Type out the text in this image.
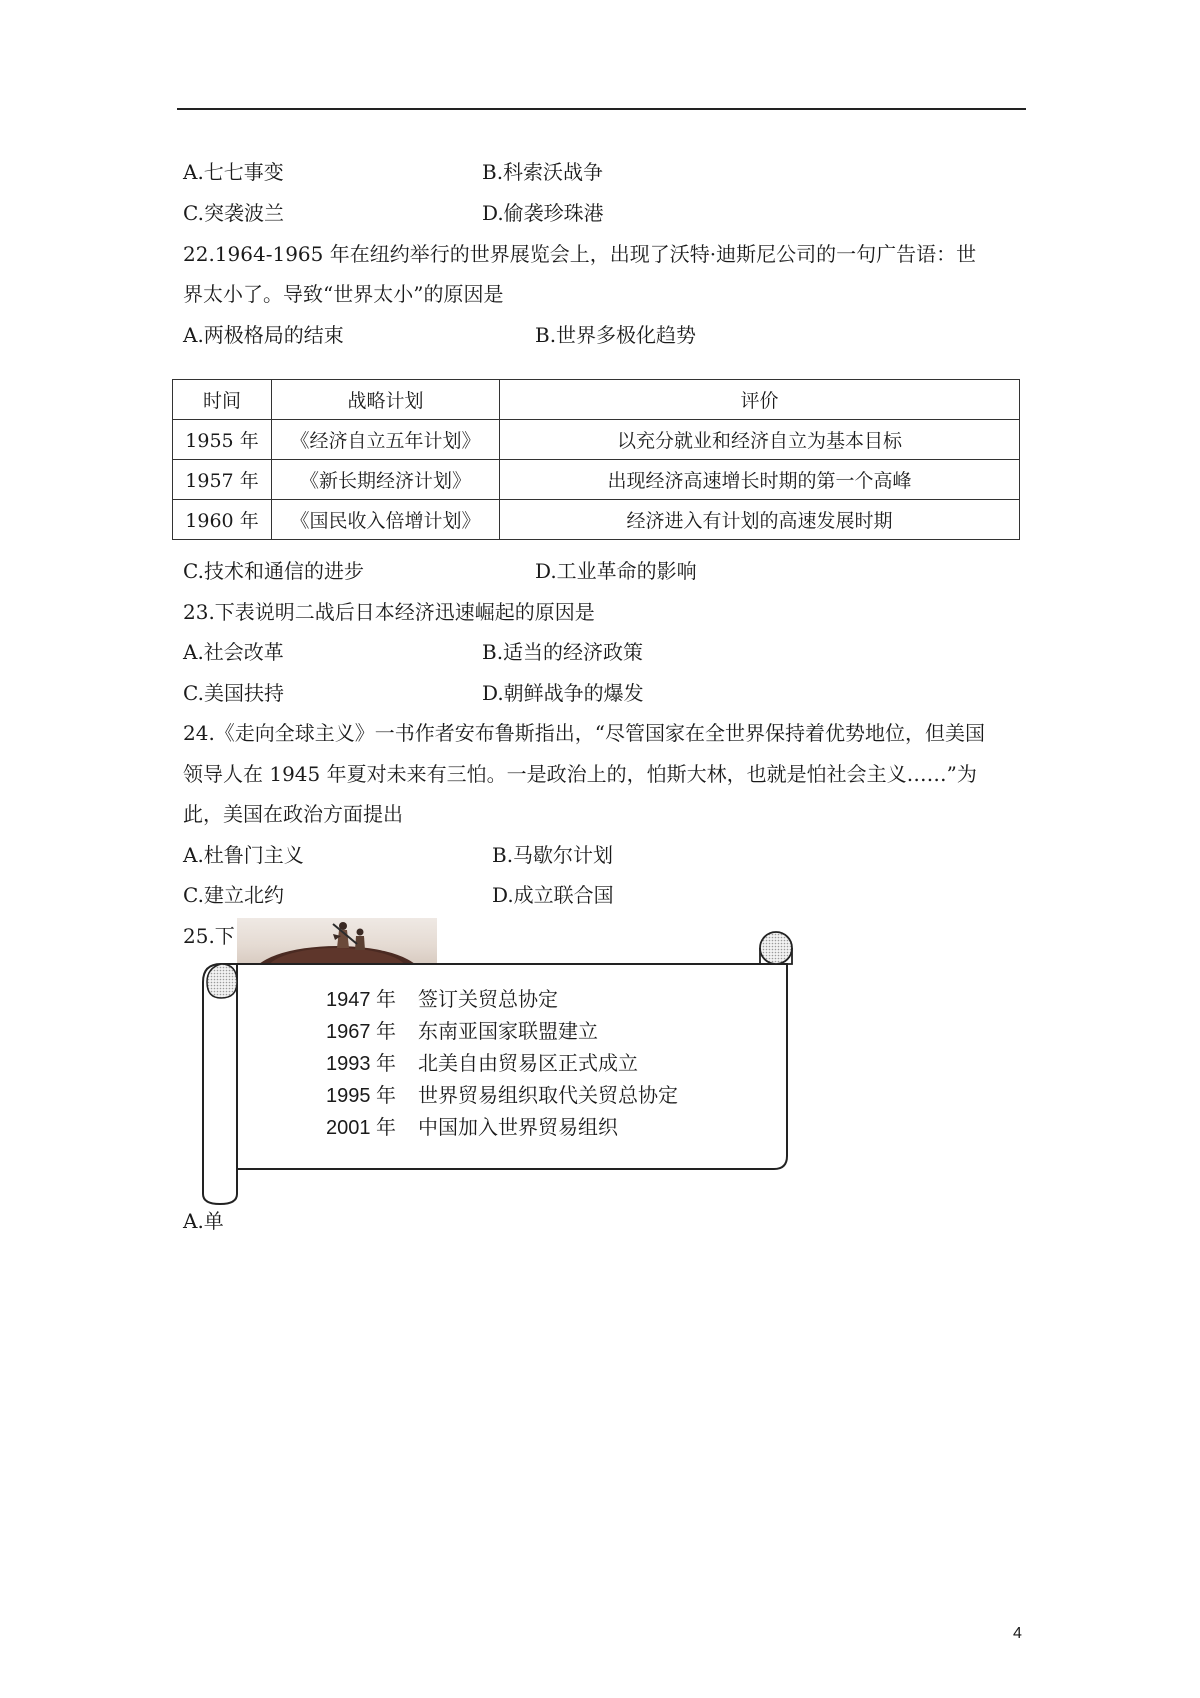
A.七七事变	B.科索沃战争
C.突袭波兰	D.偷袭珍珠港
22.1964-1965 年在纽约举行的世界展览会上，出现了沃特·迪斯尼公司的一句广告语：世
界太小了。导致“世界太小”的原因是
A.两极格局的结束	B.世界多极化趋势
时间	战略计划	评价
1955 年	《经济自立五年计划》	以充分就业和经济自立为基本目标
1957 年	《新长期经济计划》	出现经济高速增长时期的第一个高峰
1960 年	《国民收入倍增计划》	经济进入有计划的高速发展时期
C.技术和通信的进步	D.工业革命的影响
23.下表说明二战后日本经济迅速崛起的原因是
A.社会改革	B.适当的经济政策
C.美国扶持	D.朝鲜战争的爆发
24.《走向全球主义》一书作者安布鲁斯指出，“尽管国家在全世界保持着优势地位，但美国
领导人在 1945 年夏对未来有三怕。一是政治上的，怕斯大林，也就是怕社会主义……”为
此，美国在政治方面提出
A.杜鲁门主义	B.马歇尔计划
C.建立北约	D.成立联合国
25.下
1947 年 签订关贸总协定
1967 年 东南亚国家联盟建立
1993 年 北美自由贸易区正式成立
1995 年 世界贸易组织取代关贸总协定
2001 年 中国加入世界贸易组织
A.单
4
